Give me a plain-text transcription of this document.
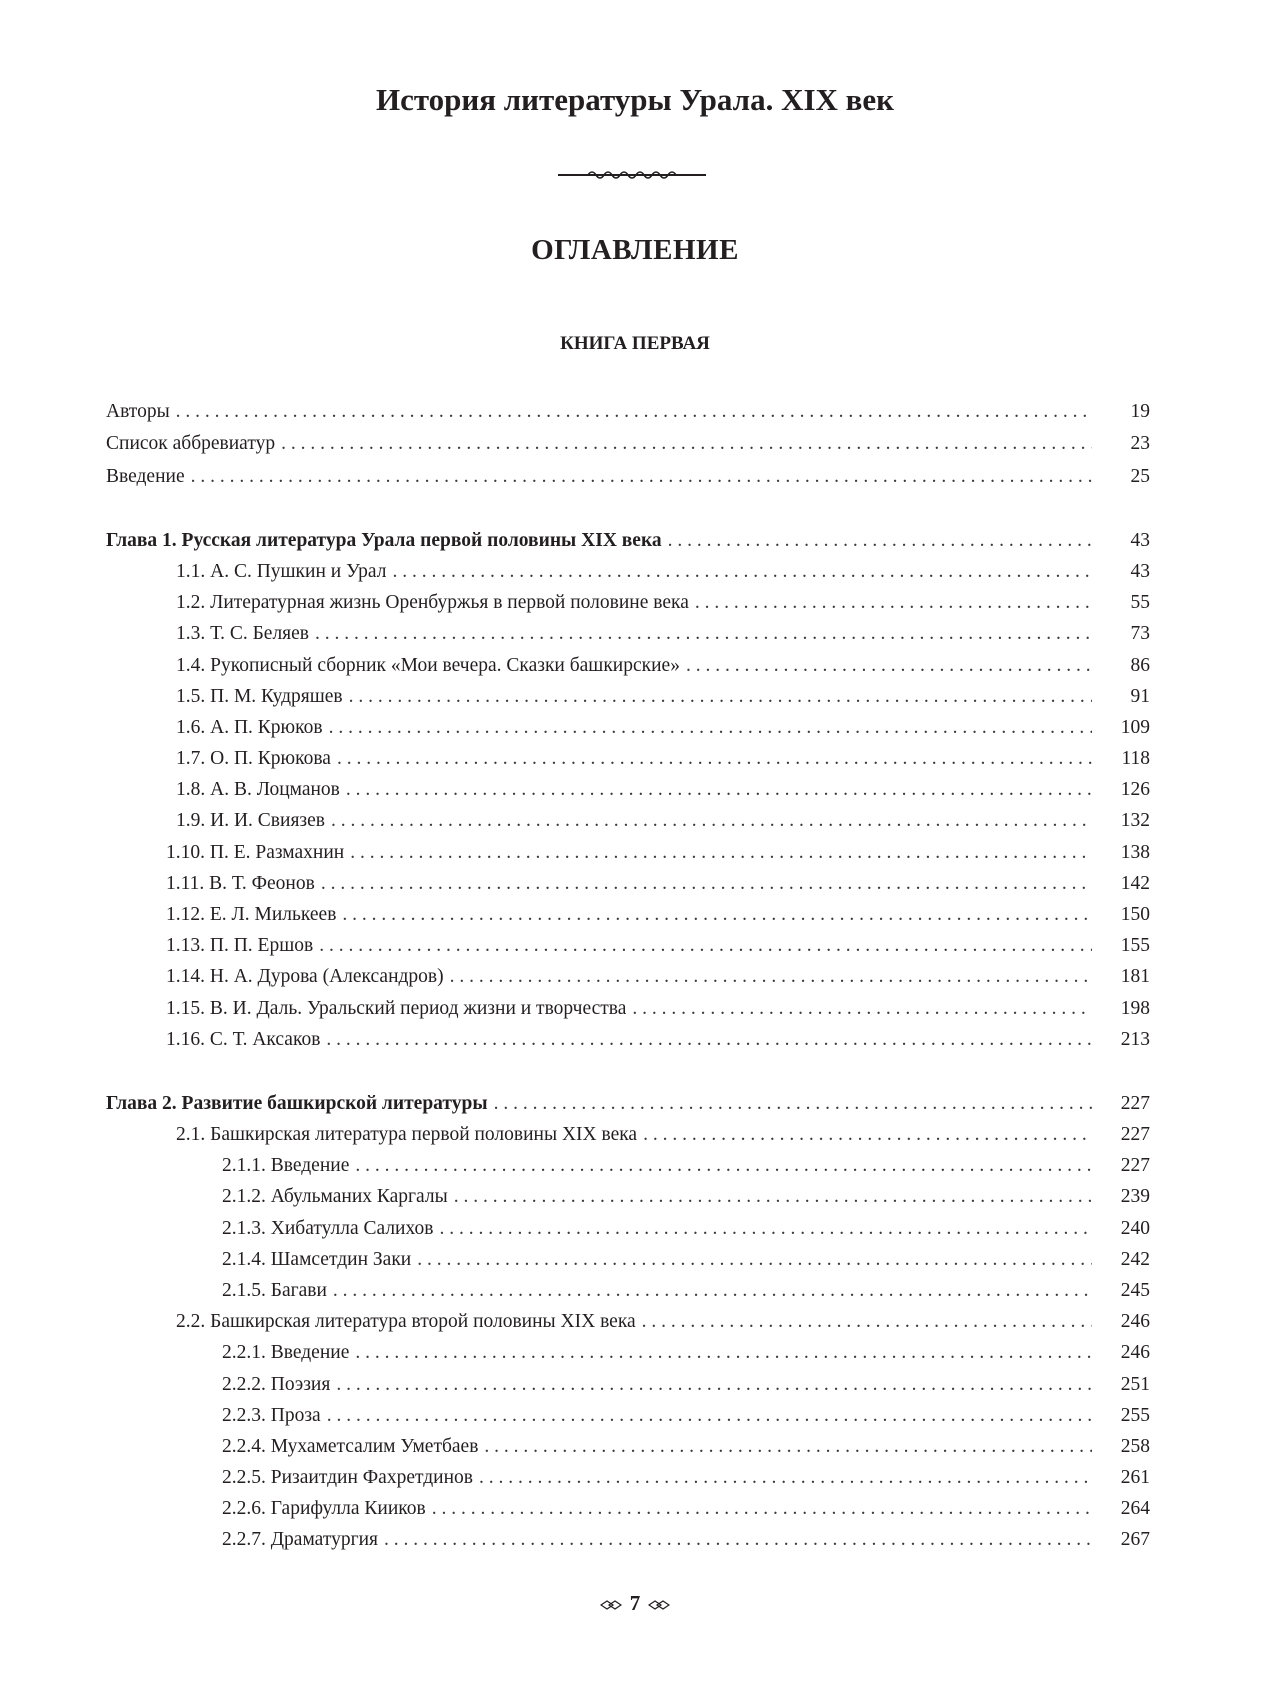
История литературы Урала. XIX век
ОГЛАВЛЕНИЕ
КНИГА ПЕРВАЯ
Авторы . . .	19
Список аббревиатур . . .	23
Введение . . .	25
Глава 1. Русская литература Урала первой половины XIX века . . .	43
1.1. А. С. Пушкин и Урал . . .	43
1.2. Литературная жизнь Оренбуржья в первой половине века . . .	55
1.3. Т. С. Беляев . . .	73
1.4. Рукописный сборник «Мои вечера. Сказки башкирские» . . .	86
1.5. П. М. Кудряшев . . .	91
1.6. А. П. Крюков . . .	109
1.7. О. П. Крюкова . . .	118
1.8. А. В. Лоцманов . . .	126
1.9. И. И. Свиязев . . .	132
1.10. П. Е. Размахнин . . .	138
1.11. В. Т. Феонов . . .	142
1.12. Е. Л. Милькеев . . .	150
1.13. П. П. Ершов . . .	155
1.14. Н. А. Дурова (Александров) . . .	181
1.15. В. И. Даль. Уральский период жизни и творчества . . .	198
1.16. С. Т. Аксаков . . .	213
Глава 2. Развитие башкирской литературы . . .	227
2.1. Башкирская литература первой половины XIX века . . .	227
2.1.1. Введение . . .	227
2.1.2. Абульманих Каргалы . . .	239
2.1.3. Хибатулла Салихов . . .	240
2.1.4. Шамсетдин Заки . . .	242
2.1.5. Багави . . .	245
2.2. Башкирская литература второй половины XIX века . . .	246
2.2.1. Введение . . .	246
2.2.2. Поэзия . . .	251
2.2.3. Проза . . .	255
2.2.4. Мухаметсалим Уметбаев . . .	258
2.2.5. Ризаитдин Фахретдинов . . .	261
2.2.6. Гарифулла Кииков . . .	264
2.2.7. Драматургия . . .	267
7
